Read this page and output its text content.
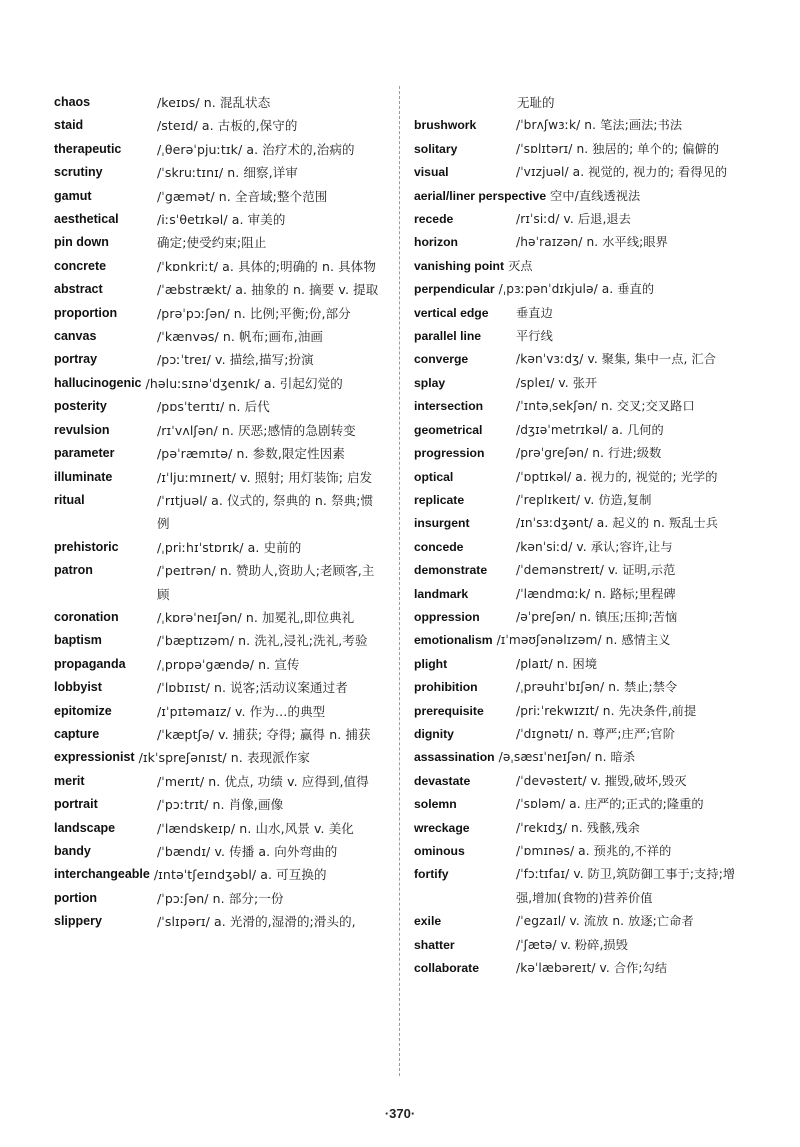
chaos	/keɪɒs/ n. 混乱状态
staid	/steɪd/ a. 古板的,保守的
therapeutic	/ˌθerəˈpjuːtɪk/ a. 治疗术的,治病的
scrutiny	/ˈskruːtɪnɪ/ n. 细察,详审
gamut	/ˈgæmət/ n. 全音域;整个范围
aesthetical	/iːsˈθetɪkəl/ a. 审美的
pin down	确定;使受约束;阻止
concrete	/ˈkɒnkriːt/ a. 具体的;明确的 n. 具体物
abstract	/ˈæbstrækt/ a. 抽象的 n. 摘要 v. 提取
proportion	/prəˈpɔːʃən/ n. 比例;平衡;份,部分
canvas	/ˈkænvəs/ n. 帆布;画布,油画
portray	/pɔːˈtreɪ/ v. 描绘,描写;扮演
hallucinogenic /həluːsɪnəˈdʒenɪk/ a. 引起幻觉的
posterity	/pɒsˈterɪtɪ/ n. 后代
revulsion	/rɪˈvʌlʃən/ n. 厌恶;感情的急剧转变
parameter	/pəˈræmɪtə/ n. 参数,限定性因素
illuminate	/ɪˈljuːmɪneɪt/ v. 照射; 用灯装饰; 启发
ritual	/ˈrɪtjuəl/ a. 仪式的, 祭典的 n. 祭典;惯例
prehistoric	/ˌpriːhɪˈstɒrɪk/ a. 史前的
patron	/ˈpeɪtrən/ n. 赞助人,资助人;老顾客,主顾
coronation	/ˌkɒrəˈneɪʃən/ n. 加冕礼,即位典礼
baptism	/ˈbæptɪzəm/ n. 洗礼,浸礼;洗礼,考验
propaganda	/ˌprɒpəˈgændə/ n. 宣传
lobbyist	/ˈlɒbɪɪst/ n. 说客;活动议案通过者
epitomize	/ɪˈpɪtəmaɪz/ v. 作为…的典型
capture	/ˈkæptʃə/ v. 捕获; 夺得; 赢得 n. 捕获
expressionist /ɪkˈspreʃənɪst/ n. 表现派作家
merit	/ˈmerɪt/ n. 优点, 功绩 v. 应得到,值得
portrait	/ˈpɔːtrɪt/ n. 肖像,画像
landscape	/ˈlændskeɪp/ n. 山水,风景 v. 美化
bandy	/ˈbændɪ/ v. 传播 a. 向外弯曲的
interchangeable /ɪntəˈtʃeɪndʒəbl/ a. 可互换的
portion	/ˈpɔːʃən/ n. 部分;一份
slippery	/ˈslɪpərɪ/ a. 光滑的,湿滑的;滑头的,
无耻的
brushwork	/ˈbrʌʃwɜːk/ n. 笔法;画法;书法
solitary	/ˈsɒlɪtərɪ/ n. 独居的; 单个的; 偏僻的
visual	/ˈvɪzjuəl/ a. 视觉的, 视力的; 看得见的
aerial/liner perspective 空中/直线透视法
recede	/rɪˈsiːd/ v. 后退,退去
horizon	/həˈraɪzən/ n. 水平线;眼界
vanishing point 灭点
perpendicular /ˌpɜːpənˈdɪkjulə/ a. 垂直的
vertical edge	垂直边
parallel line	平行线
converge	/kənˈvɜːdʒ/ v. 聚集, 集中一点, 汇合
splay	/spleɪ/ v. 张开
intersection	/ˈɪntəˌsekʃən/ n. 交叉;交叉路口
geometrical	/dʒɪəˈmetrɪkəl/ a. 几何的
progression	/prəˈgreʃən/ n. 行进;级数
optical	/ˈɒptɪkəl/ a. 视力的, 视觉的; 光学的
replicate	/ˈreplɪkeɪt/ v. 仿造,复制
insurgent	/ɪnˈsɜːdʒənt/ a. 起义的 n. 叛乱士兵
concede	/kənˈsiːd/ v. 承认;容许,让与
demonstrate	/ˈdemənstreɪt/ v. 证明,示范
landmark	/ˈlændmɑːk/ n. 路标;里程碑
oppression	/əˈpreʃən/ n. 镇压;压抑;苦恼
emotionalism /ɪˈməʊʃənəlɪzəm/ n. 感情主义
plight	/plaɪt/ n. 困境
prohibition	/ˌprəuhɪˈbɪʃən/ n. 禁止;禁令
prerequisite	/priːˈrekwɪzɪt/ n. 先决条件,前提
dignity	/ˈdɪgnətɪ/ n. 尊严;庄严;官阶
assassination /əˌsæsɪˈneɪʃən/ n. 暗杀
devastate	/ˈdevəsteɪt/ v. 摧毁,破坏,毁灭
solemn	/ˈsɒləm/ a. 庄严的;正式的;隆重的
wreckage	/ˈrekɪdʒ/ n. 残骸,残余
ominous	/ˈɒmɪnəs/ a. 预兆的,不祥的
fortify	/ˈfɔːtɪfaɪ/ v. 防卫,筑防御工事于;支持;增强,增加(食物的)营养价值
exile	/ˈegzaɪl/ v. 流放 n. 放逐;亡命者
shatter	/ˈʃætə/ v. 粉碎,损毁
collaborate	/kəˈlæbəreɪt/ v. 合作;勾结
·370·
